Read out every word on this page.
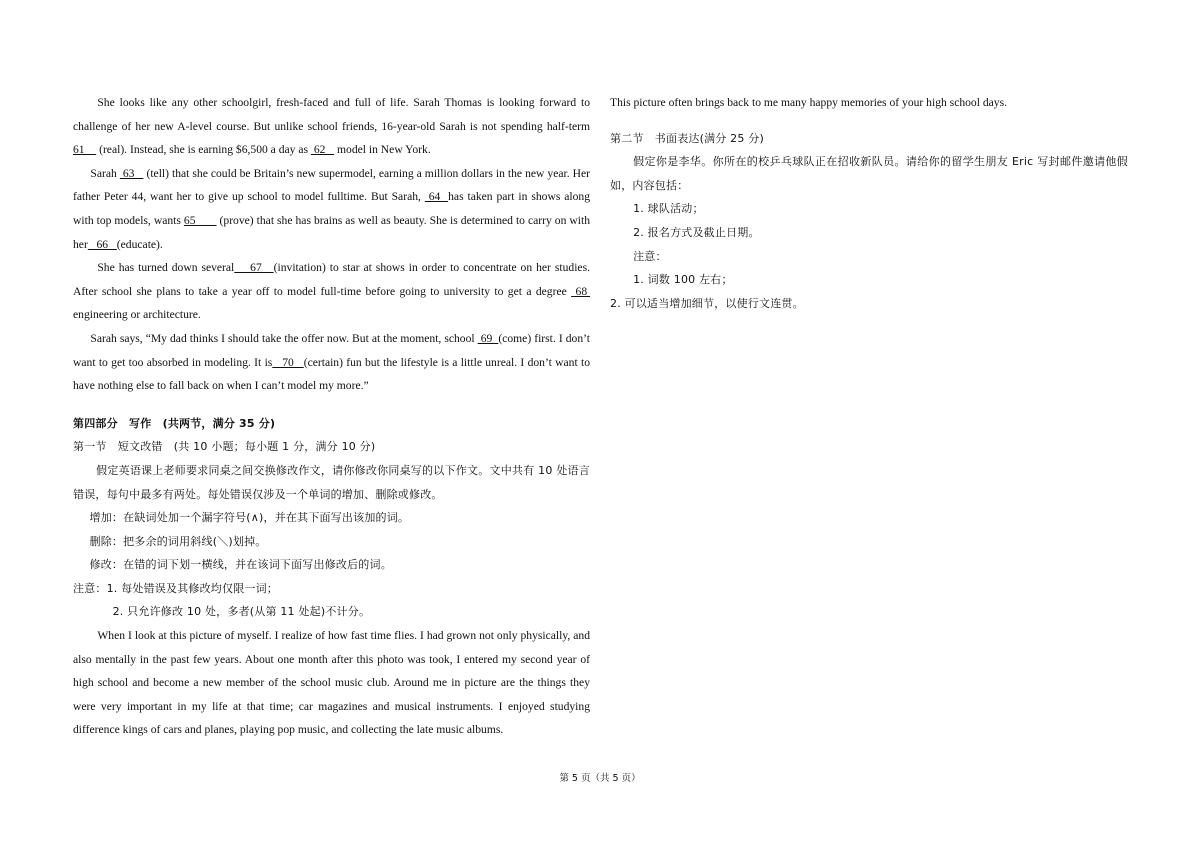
She looks like any other schoolgirl, fresh-faced and full of life. Sarah Thomas is looking forward to challenge of her new A-level course. But unlike school friends, 16-year-old Sarah is not spending half-term 61     (real). Instead, she is earning $6,500 a day as  62    model in New York.

Sarah  63    (tell) that she could be Britain’s new supermodel, earning a million dollars in the new year. Her father Peter 44, want her to give up school to model fulltime. But Sarah,  64  has taken part in shows along with top models, wants 65        (prove) that she has brains as well as beauty. She is determined to carry on with her   66   (educate).

She has turned down several    67   (invitation) to star at shows in order to concentrate on her studies. After school she plans to take a year off to model full-time before going to university to get a degree  68  engineering or architecture.

Sarah says, “My dad thinks I should take the offer now. But at the moment, school  69  (come) first. I don’t want to get too absorbed in modeling. It is   70   (certain) fun but the lifestyle is a little unreal. I don’t want to have nothing else to fall back on when I can’t model my more.”

第四部分　写作　(共两节，满分 35 分)

第一节　短文改错　(共 10 小题；每小题 1 分，满分 10 分)

假定英语课上老师要求同桌之间交换修改作文，请你修改你同桌写的以下作文。文中共有 10 处语言错误，每句中最多有两处。每处错误仅涉及一个单词的增加、删除或修改。

增加：在缺词处加一个漏字符号(∧)，并在其下面写出该加的词。

删除：把多余的词用斜线(＼)划掉。

修改：在错的词下划一横线，并在该词下面写出修改后的词。

注意：1. 每处错误及其修改均仅限一词；

2. 只允许修改 10 处，多者(从第 11 处起)不计分。

When I look at this picture of myself. I realize of how fast time flies. I had grown not only physically, and also mentally in the past few years. About one month after this photo was took, I entered my second year of high school and become a new member of the school music club. Around me in picture are the things they were very important in my life at that time; car magazines and musical instruments. I enjoyed studying difference kings of cars and planes, playing pop music, and collecting the late music albums.

This picture often brings back to me many happy memories of your high school days.

第二节　书面表达(满分 25 分)

假定你是李华。你所在的校乒乓球队正在招收新队员。请给你的留学生朋友 Eric 写封邮件邀请他假如，内容包括：

1. 球队活动；

2. 报名方式及截止日期。

注意：

1. 词数 100 左右；

2. 可以适当增加细节，以使行文连贯。

第 5 页（共 5 页）
